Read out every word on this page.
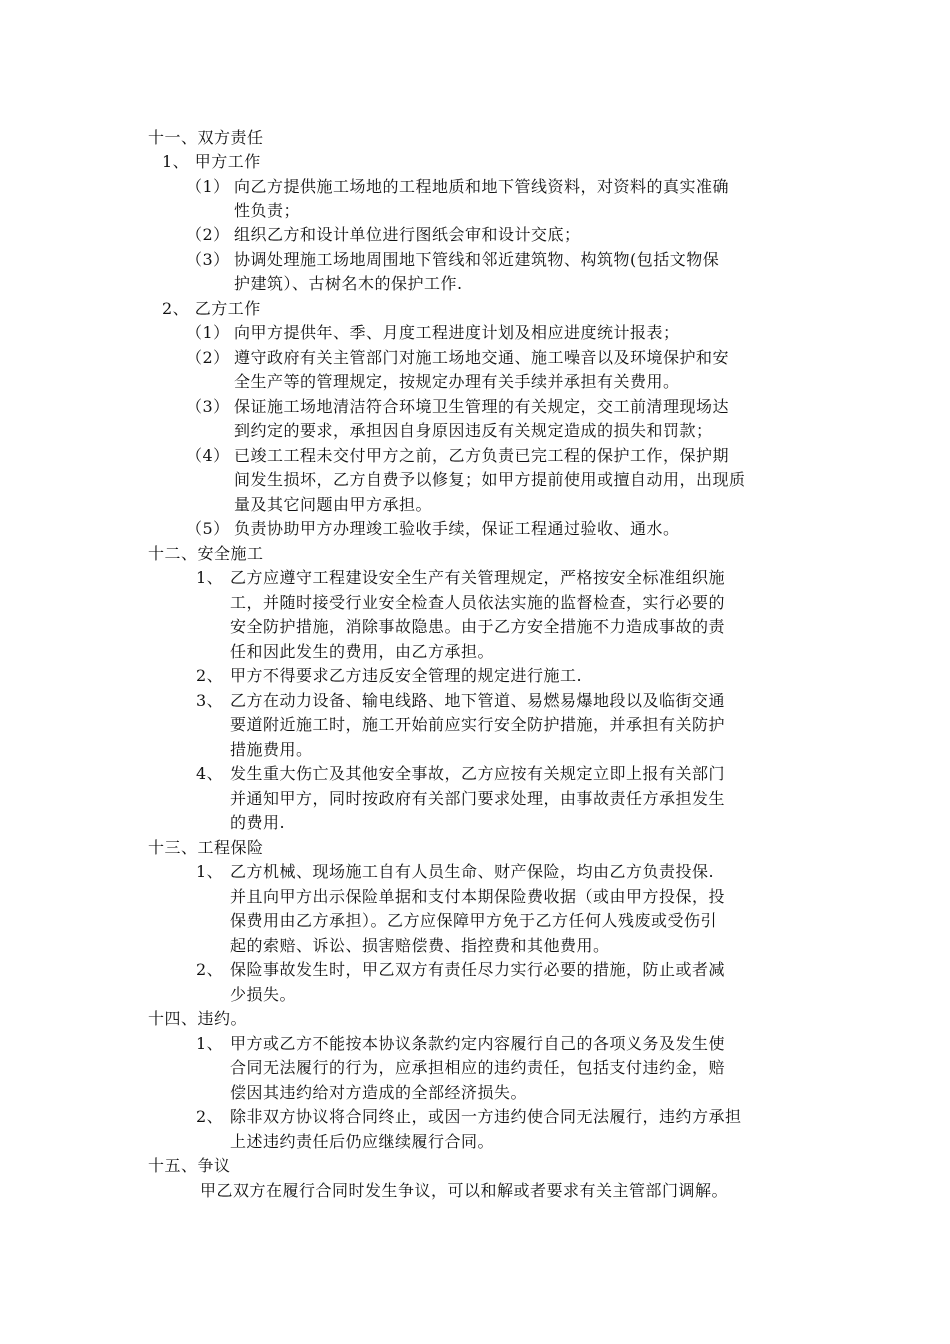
十一、双方责任
1、 甲方工作
（1） 向乙方提供施工场地的工程地质和地下管线资料，对资料的真实准确
性负责；
（2） 组织乙方和设计单位进行图纸会审和设计交底；
（3） 协调处理施工场地周围地下管线和邻近建筑物、构筑物(包括文物保
护建筑）、古树名木的保护工作.
2、 乙方工作
（1） 向甲方提供年、季、月度工程进度计划及相应进度统计报表；
（2） 遵守政府有关主管部门对施工场地交通、施工噪音以及环境保护和安
全生产等的管理规定，按规定办理有关手续并承担有关费用。
（3） 保证施工场地清洁符合环境卫生管理的有关规定，交工前清理现场达
到约定的要求，承担因自身原因违反有关规定造成的损失和罚款；
（4） 已竣工工程未交付甲方之前，乙方负责已完工程的保护工作，保护期
间发生损坏，乙方自费予以修复；如甲方提前使用或擅自动用，出现质
量及其它问题由甲方承担。
（5） 负责协助甲方办理竣工验收手续，保证工程通过验收、通水。
十二、安全施工
1、 乙方应遵守工程建设安全生产有关管理规定，严格按安全标准组织施
工，并随时接受行业安全检查人员依法实施的监督检查，实行必要的
安全防护措施，消除事故隐患。由于乙方安全措施不力造成事故的责
任和因此发生的费用，由乙方承担。
2、 甲方不得要求乙方违反安全管理的规定进行施工.
3、 乙方在动力设备、输电线路、地下管道、易燃易爆地段以及临街交通
要道附近施工时，施工开始前应实行安全防护措施，并承担有关防护
措施费用。
4、 发生重大伤亡及其他安全事故，乙方应按有关规定立即上报有关部门
并通知甲方，同时按政府有关部门要求处理，由事故责任方承担发生
的费用.
十三、工程保险
1、 乙方机械、现场施工自有人员生命、财产保险，均由乙方负责投保.
并且向甲方出示保险单据和支付本期保险费收据（或由甲方投保，投
保费用由乙方承担）。乙方应保障甲方免于乙方任何人残废或受伤引
起的索赔、诉讼、损害赔偿费、指控费和其他费用。
2、 保险事故发生时，甲乙双方有责任尽力实行必要的措施，防止或者减
少损失。
十四、违约。
1、 甲方或乙方不能按本协议条款约定内容履行自己的各项义务及发生使
合同无法履行的行为，应承担相应的违约责任，包括支付违约金，赔
偿因其违约给对方造成的全部经济损失。
2、 除非双方协议将合同终止，或因一方违约使合同无法履行，违约方承担
上述违约责任后仍应继续履行合同。
十五、争议
甲乙双方在履行合同时发生争议，可以和解或者要求有关主管部门调解。
